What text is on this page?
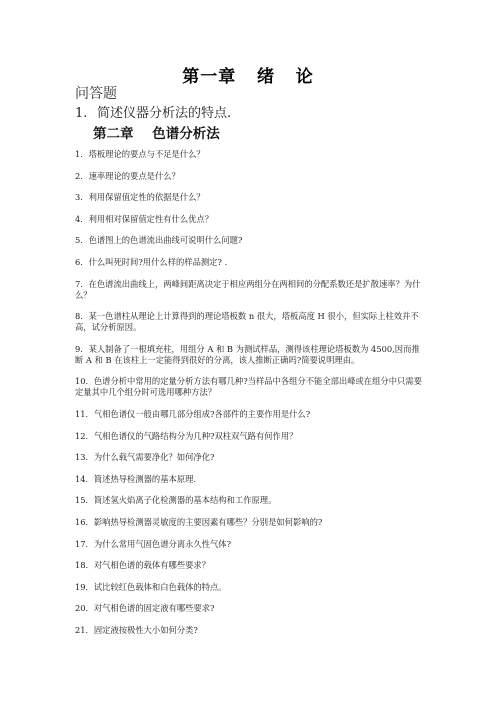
第一章   绪   论
问答题
1. 简述仪器分析法的特点.
第二章    色谱分析法
1．塔板理论的要点与不足是什么？
2．速率理论的要点是什么？
3．利用保留值定性的依据是什么？
4．利用相对保留值定性有什么优点？
5．色谱图上的色谱流出曲线可说明什么问题?
6．什么叫死时间?用什么样的样品测定? .
7．在色谱流出曲线上，两峰间距离决定于相应两组分在两相间的分配系数还是扩散速率？为什么？
8．某一色谱柱从理论上计算得到的理论塔板数 n 很大，塔板高度 H 很小，但实际上柱效并不高，试分析原因。
9．某人制备了一根填充柱，用组分 A 和 B 为测试样品，测得该柱理论塔板数为 4500,因而推断 A 和 B 在该柱上一定能得到很好的分离，该人推断正确吗?简要说明理由。
10．色谱分析中常用的定量分析方法有哪几种?当样品中各组分不能全部出峰或在组分中只需要定量其中几个组分时可选用哪种方法？
11．气相色谱仪一般由哪几部分组成?各部件的主要作用是什么?
12．气相色谱仪的气路结构分为几种?双柱双气路有何作用？
13．为什么载气需要净化？如何净化?
14．简述热导检测器的基本原理.
15．简述氢火焰离子化检测器的基本结构和工作原理。
16．影响热导检测器灵敏度的主要因素有哪些？分别是如何影响的?
17．为什么常用气固色谱分离永久性气体?
18．对气相色谱的载体有哪些要求？
19．试比较红色载体和白色载体的特点。
20．对气相色谱的固定液有哪些要求?
21．固定液按极性大小如何分类?
